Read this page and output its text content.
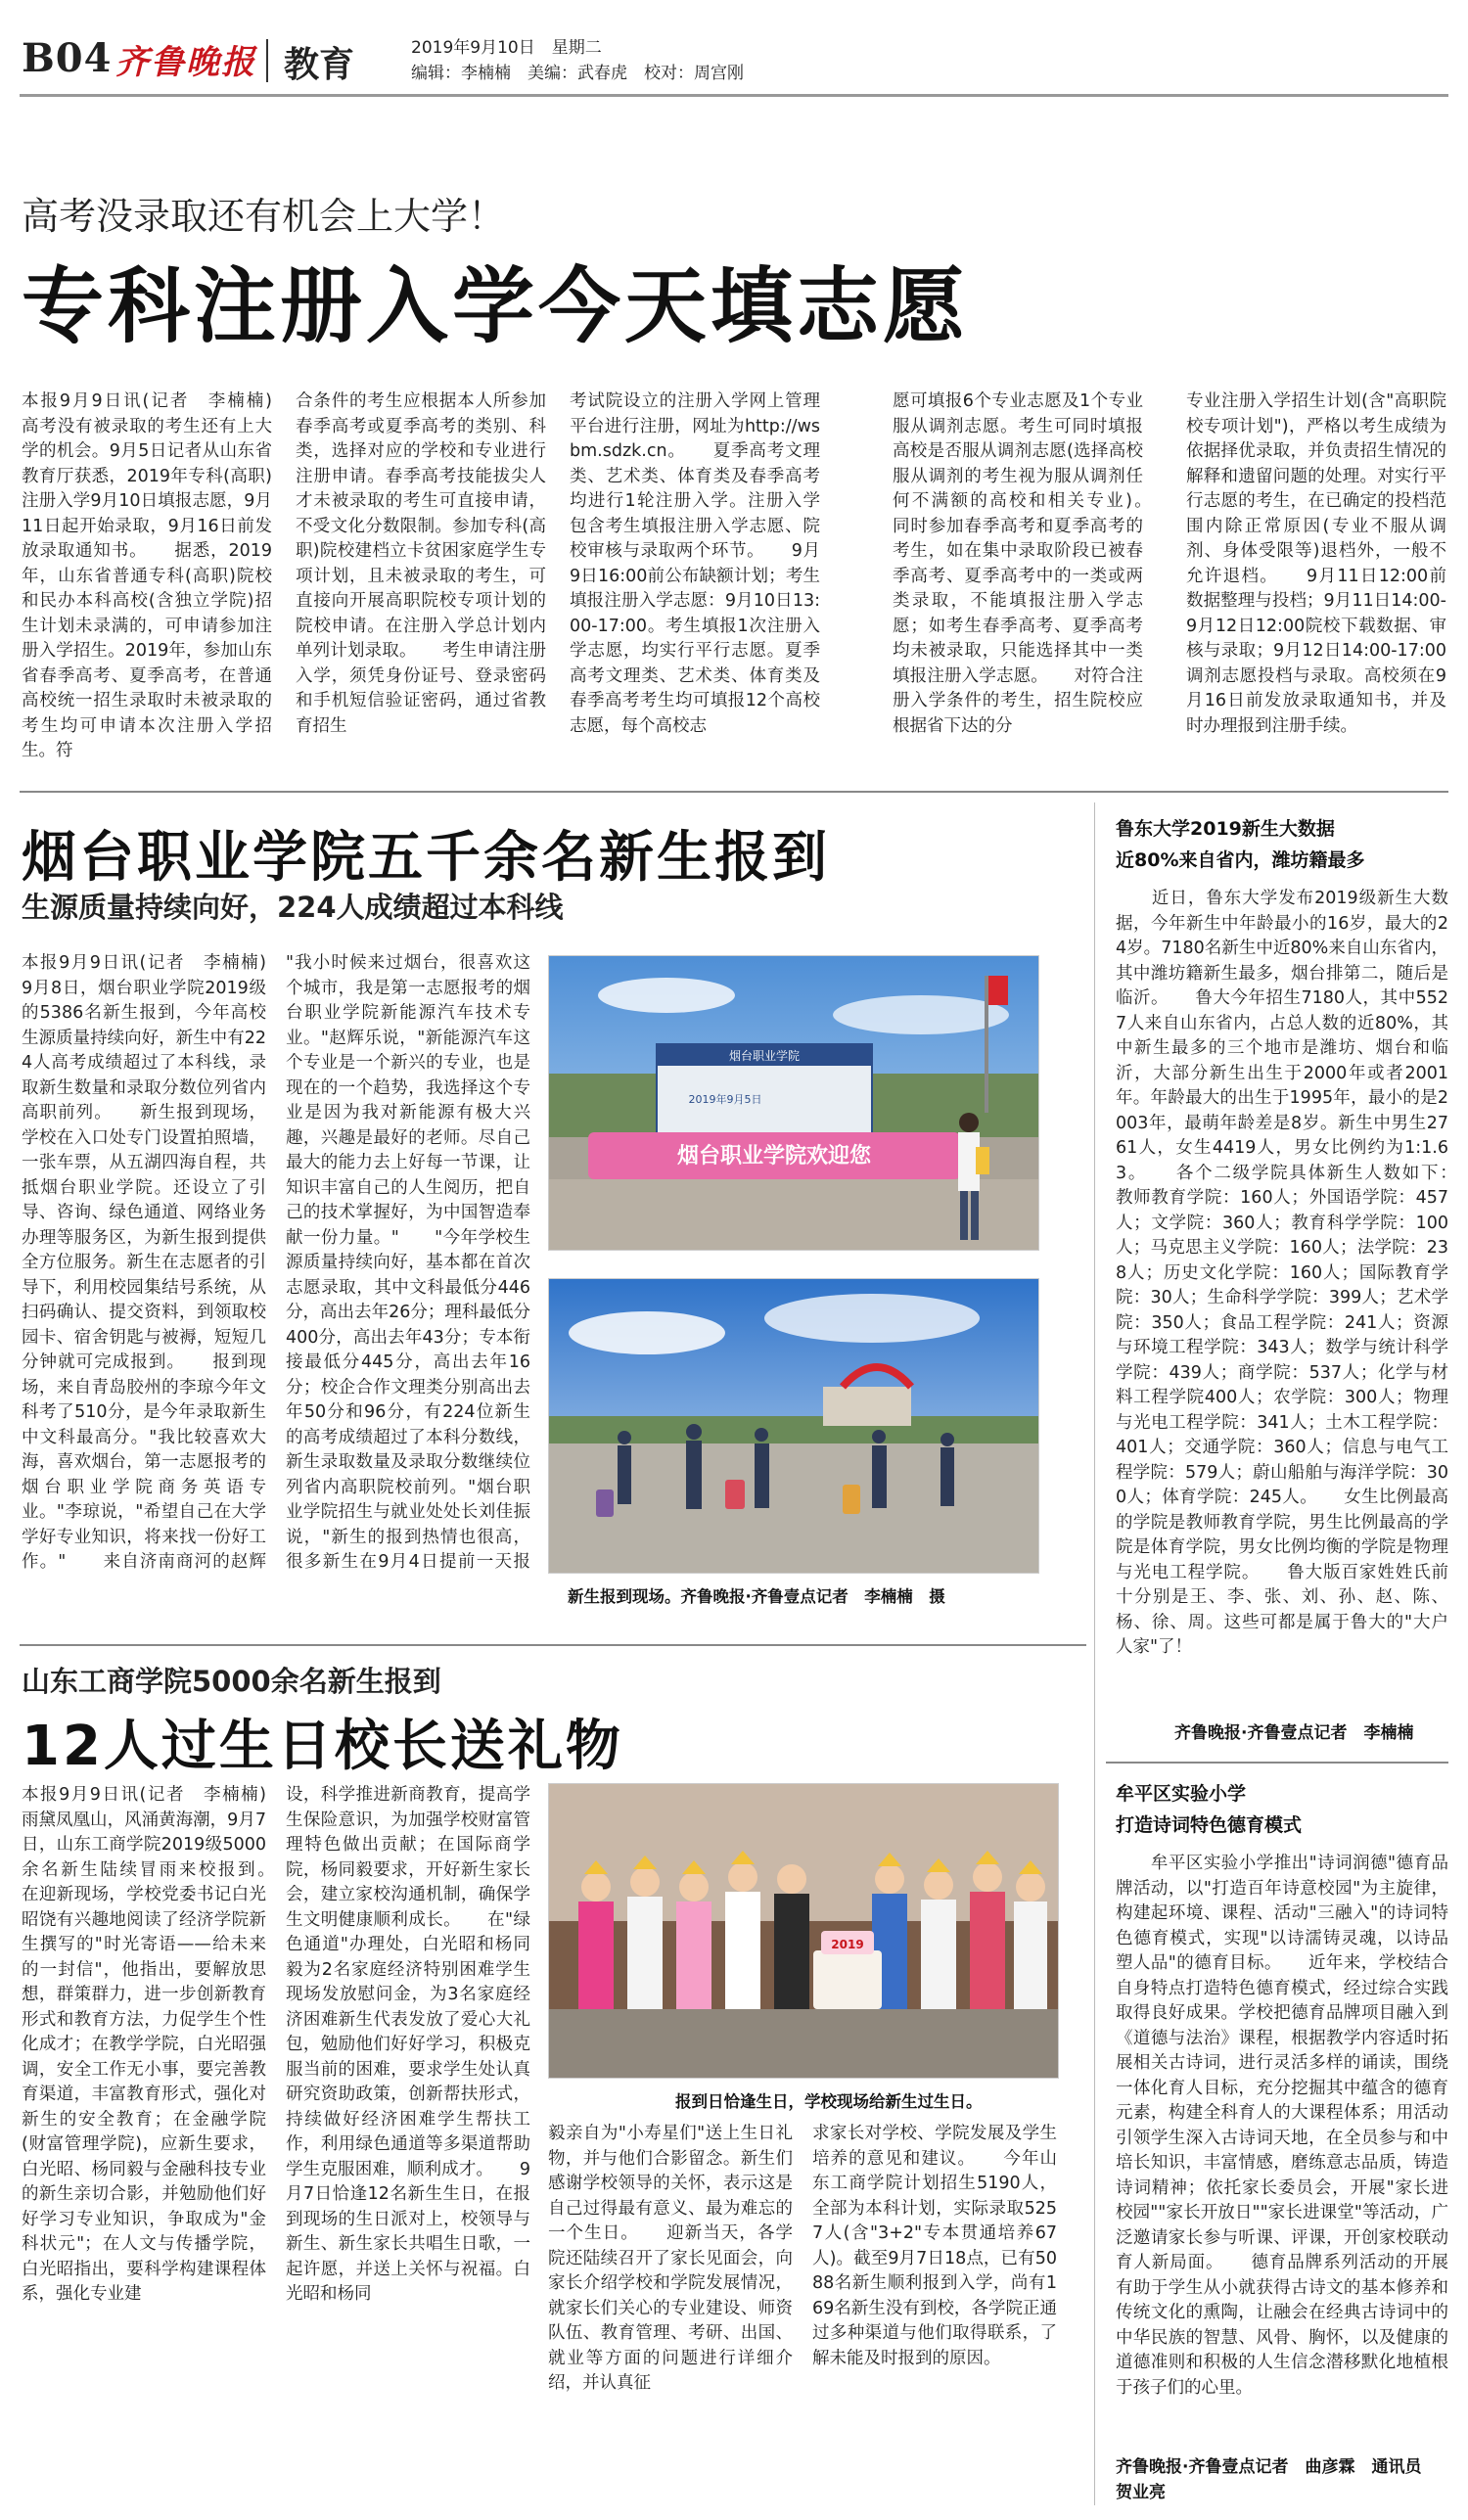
B04 齐鲁晚报 教育	2019年9月10日　星期二
编辑：李楠楠　美编：武春虎　校对：周宫刚
高考没录取还有机会上大学！
专科注册入学今天填志愿
本报9月9日讯(记者　李楠楠)　高考没有被录取的考生还有上大学的机会。9月5日记者从山东省教育厅获悉，2019年专科(高职)注册入学9月10日填报志愿，9月11日起开始录取，9月16日前发放录取通知书。　　据悉，2019年，山东省普通专科(高职)院校和民办本科高校(含独立学院)招生计划未录满的，可申请参加注册入学招生。2019年，参加山东省春季高考、夏季高考，在普通高校统一招生录取时未被录取的考生均可申请本次注册入学招生。符
合条件的考生应根据本人所参加春季高考或夏季高考的类别、科类，选择对应的学校和专业进行注册申请。春季高考技能拔尖人才未被录取的考生可直接申请，不受文化分数限制。参加专科(高职)院校建档立卡贫困家庭学生专项计划，且未被录取的考生，可直接向开展高职院校专项计划的院校申请。在注册入学总计划内单列计划录取。　　考生申请注册入学，须凭身份证号、登录密码和手机短信验证密码，通过省教育招生
考试院设立的注册入学网上管理平台进行注册，网址为http://wsbm.sdzk.cn。　　夏季高考文理类、艺术类、体育类及春季高考均进行1轮注册入学。注册入学包含考生填报注册入学志愿、院校审核与录取两个环节。　　9月9日16:00前公布缺额计划；考生填报注册入学志愿：9月10日13:00-17:00。考生填报1次注册入学志愿，均实行平行志愿。夏季高考文理类、艺术类、体育类及春季高考考生均可填报12个高校志愿，每个高校志
愿可填报6个专业志愿及1个专业服从调剂志愿。考生可同时填报高校是否服从调剂志愿(选择高校服从调剂的考生视为服从调剂任何不满额的高校和相关专业)。　　同时参加春季高考和夏季高考的考生，如在集中录取阶段已被春季高考、夏季高考中的一类或两类录取，不能填报注册入学志愿；如考生春季高考、夏季高考均未被录取，只能选择其中一类填报注册入学志愿。　　对符合注册入学条件的考生，招生院校应根据省下达的分
专业注册入学招生计划(含"高职院校专项计划")，严格以考生成绩为依据择优录取，并负责招生情况的解释和遗留问题的处理。对实行平行志愿的考生，在已确定的投档范围内除正常原因(专业不服从调剂、身体受限等)退档外，一般不允许退档。　　9月11日12:00前数据整理与投档；9月11日14:00-9月12日12:00院校下载数据、审核与录取；9月12日14:00-17:00调剂志愿投档与录取。高校须在9月16日前发放录取通知书，并及时办理报到注册手续。
烟台职业学院五千余名新生报到
生源质量持续向好，224人成绩超过本科线
本报9月9日讯(记者　李楠楠)　9月8日，烟台职业学院2019级的5386名新生报到，今年高校生源质量持续向好，新生中有224人高考成绩超过了本科线，录取新生数量和录取分数位列省内高职前列。　　新生报到现场，学校在入口处专门设置拍照墙，一张车票，从五湖四海自程，共抵烟台职业学院。还设立了引导、咨询、绿色通道、网络业务办理等服务区，为新生报到提供全方位服务。新生在志愿者的引导下，利用校园集结号系统，从扫码确认、提交资料，到领取校园卡、宿舍钥匙与被褥，短短几分钟就可完成报到。　　报到现场，来自青岛胶州的李琼今年文科考了510分，是今年录取新生中文科最高分。"我比较喜欢大海，喜欢烟台，第一志愿报考的烟台职业学院商务英语专业。"李琼说，"希望自己在大学学好专业知识，将来找一份好工作。"　　来自济南商河的赵辉
"我小时候来过烟台，很喜欢这个城市，我是第一志愿报考的烟台职业学院新能源汽车技术专业。"赵辉乐说，"新能源汽车这个专业是一个新兴的专业，也是现在的一个趋势，我选择这个专业是因为我对新能源有极大兴趣，兴趣是最好的老师。尽自己最大的能力去上好每一节课，让知识丰富自己的人生阅历，把自己的技术掌握好，为中国智造奉献一份力量。"　　"今年学校生源质量持续向好，基本都在首次志愿录取，其中文科最低分446分，高出去年26分；理科最低分400分，高出去年43分；专本衔接最低分445分，高出去年16分；校企合作文理类分别高出去年50分和96分，有224位新生的高考成绩超过了本科分数线，新生录取数量及录取分数继续位列省内高职院校前列。"烟台职业学院招生与就业处处长刘佳振说，"新生的报到热情也很高，很多新生在9月4日提前一天报
烟台职业学院
2019年9月5日
烟台职业学院欢迎您
新生报到现场。齐鲁晚报·齐鲁壹点记者　李楠楠　摄
鲁东大学2019新生大数据
近80%来自省内，潍坊籍最多
　　近日，鲁东大学发布2019级新生大数据，今年新生中年龄最小的16岁，最大的24岁。7180名新生中近80%来自山东省内，其中潍坊籍新生最多，烟台排第二，随后是临沂。　　鲁大今年招生7180人，其中5527人来自山东省内，占总人数的近80%，其中新生最多的三个地市是潍坊、烟台和临沂，大部分新生出生于2000年或者2001年。年龄最大的出生于1995年，最小的是2003年，最萌年龄差是8岁。新生中男生2761人，女生4419人，男女比例约为1:1.63。　　各个二级学院具体新生人数如下：　　教师教育学院：160人；外国语学院：457人；文学院：360人；教育科学学院：100人；马克思主义学院：160人；法学院：238人；历史文化学院：160人；国际教育学院：30人；生命科学学院：399人；艺术学院：350人；食品工程学院：241人；资源与环境工程学院：343人；数学与统计科学学院：439人；商学院：537人；化学与材料工程学院400人；农学院：300人；物理与光电工程学院：341人；土木工程学院：401人；交通学院：360人；信息与电气工程学院：579人；蔚山船舶与海洋学院：300人；体育学院：245人。　　女生比例最高的学院是教师教育学院，男生比例最高的学院是体育学院，男女比例均衡的学院是物理与光电工程学院。　　鲁大版百家姓姓氏前十分别是王、李、张、刘、孙、赵、陈、杨、徐、周。这些可都是属于鲁大的"大户人家"了！
齐鲁晚报·齐鲁壹点记者　李楠楠
山东工商学院5000余名新生报到
12人过生日校长送礼物
本报9月9日讯(记者　李楠楠)　雨黛凤凰山，风涌黄海潮，9月7日，山东工商学院2019级5000余名新生陆续冒雨来校报到。　　在迎新现场，学校党委书记白光昭饶有兴趣地阅读了经济学院新生撰写的"时光寄语——给未来的一封信"，他指出，要解放思想，群策群力，进一步创新教育形式和教育方法，力促学生个性化成才；在教学学院，白光昭强调，安全工作无小事，要完善教育渠道，丰富教育形式，强化对新生的安全教育；在金融学院(财富管理学院)，应新生要求，白光昭、杨同毅与金融科技专业的新生亲切合影，并勉励他们好好学习专业知识，争取成为"金科状元"；在人文与传播学院，白光昭指出，要科学构建课程体系，强化专业建
设，科学推进新商教育，提高学生保险意识，为加强学校财富管理特色做出贡献；在国际商学院，杨同毅要求，开好新生家长会，建立家校沟通机制，确保学生文明健康顺利成长。　　在"绿色通道"办理处，白光昭和杨同毅为2名家庭经济特别困难学生现场发放慰问金，为3名家庭经济困难新生代表发放了爱心大礼包，勉励他们好好学习，积极克服当前的困难，要求学生处认真研究资助政策，创新帮扶形式，持续做好经济困难学生帮扶工作，利用绿色通道等多渠道帮助学生克服困难，顺利成才。　　9月7日恰逢12名新生生日，在报到现场的生日派对上，校领导与新生、新生家长共唱生日歌，一起许愿，并送上关怀与祝福。白光昭和杨同
2019
报到日恰逢生日，学校现场给新生过生日。
毅亲自为"小寿星们"送上生日礼物，并与他们合影留念。新生们感谢学校领导的关怀，表示这是自己过得最有意义、最为难忘的一个生日。　　迎新当天，各学院还陆续召开了家长见面会，向家长介绍学校和学院发展情况，就家长们关心的专业建设、师资队伍、教育管理、考研、出国、就业等方面的问题进行详细介绍，并认真征
求家长对学校、学院发展及学生培养的意见和建议。　　今年山东工商学院计划招生5190人，全部为本科计划，实际录取5257人(含"3+2"专本贯通培养67人)。截至9月7日18点，已有5088名新生顺利报到入学，尚有169名新生没有到校，各学院正通过多种渠道与他们取得联系，了解未能及时报到的原因。
牟平区实验小学
打造诗词特色德育模式
　　牟平区实验小学推出"诗词润德"德育品牌活动，以"打造百年诗意校园"为主旋律，构建起环境、课程、活动"三融入"的诗词特色德育模式，实现"以诗濡铸灵魂，以诗品塑人品"的德育目标。　　近年来，学校结合自身特点打造特色德育模式，经过综合实践取得良好成果。学校把德育品牌项目融入到《道德与法治》课程，根据教学内容适时拓展相关古诗词，进行灵活多样的诵读，围绕一体化育人目标，充分挖掘其中蕴含的德育元素，构建全科育人的大课程体系；用活动引领学生深入古诗词天地，在全员参与和中培长知识，丰富情感，磨练意志品质，铸造诗词精神；依托家长委员会，开展"家长进校园""家长开放日""家长进课堂"等活动，广泛邀请家长参与听课、评课，开创家校联动育人新局面。　　德育品牌系列活动的开展有助于学生从小就获得古诗文的基本修养和传统文化的熏陶，让融会在经典古诗词中的中华民族的智慧、风骨、胸怀，以及健康的道德准则和积极的人生信念潜移默化地植根于孩子们的心里。
齐鲁晚报·齐鲁壹点记者　曲彦霖　通讯员　贺业亮
